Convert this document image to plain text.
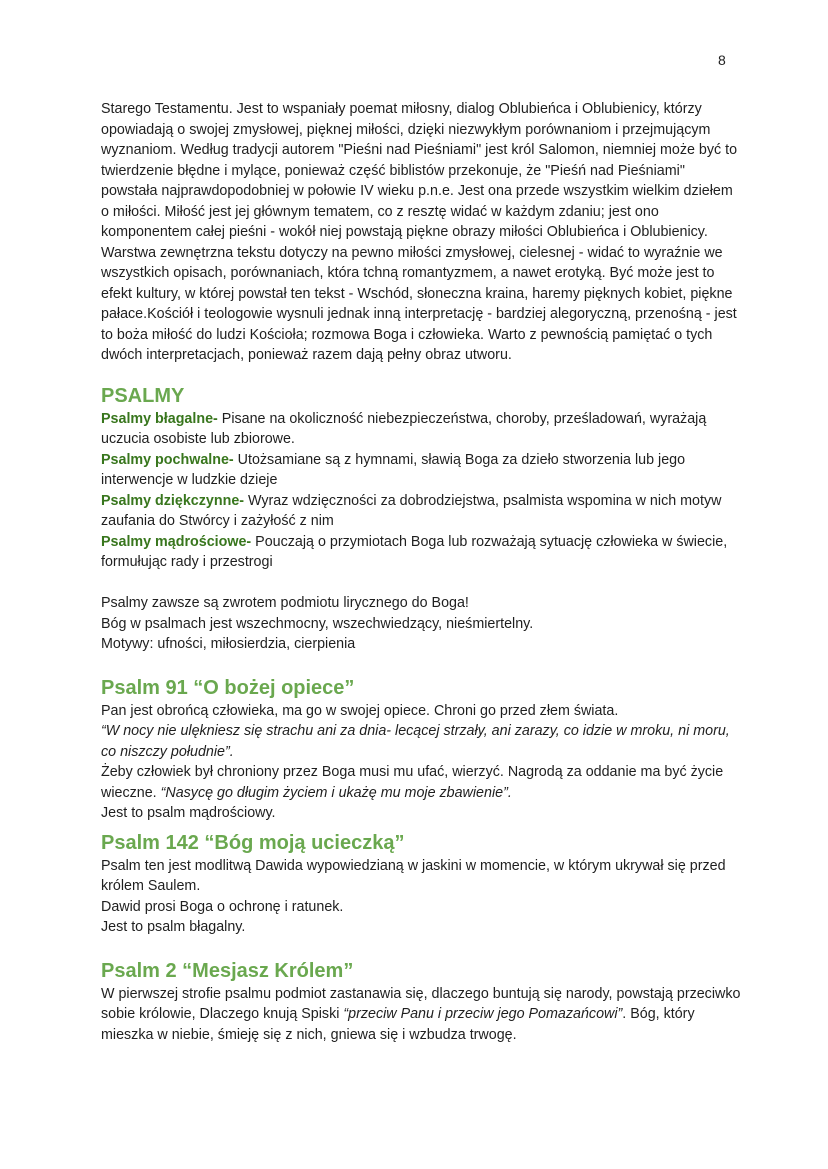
8

Starego Testamentu. Jest to wspaniały poemat miłosny, dialog Oblubieńca i Oblubienicy, którzy opowiadają o swojej zmysłowej, pięknej miłości, dzięki niezwykłym porównaniom i przejmującym wyznaniom. Według tradycji autorem "Pieśni nad Pieśniami" jest król Salomon, niemniej może być to twierdzenie błędne i mylące, ponieważ część biblistów przekonuje, że "Pieśń nad Pieśniami" powstała najprawdopodobniej w połowie IV wieku p.n.e. Jest ona przede wszystkim wielkim dziełem o miłości. Miłość jest jej głównym tematem, co z resztę widać w każdym zdaniu; jest ono komponentem całej pieśni - wokół niej powstają piękne obrazy miłości Oblubieńca i Oblubienicy. Warstwa zewnętrzna tekstu dotyczy na pewno miłości zmysłowej, cielesnej - widać to wyraźnie we wszystkich opisach, porównaniach, która tchną romantyzmem, a nawet erotyką. Być może jest to efekt kultury, w której powstał ten tekst - Wschód, słoneczna kraina, haremy pięknych kobiet, piękne pałace.Kościół i teologowie wysnuli jednak inną interpretację - bardziej alegoryczną, przenośną - jest to boża miłość do ludzi Kościoła; rozmowa Boga i człowieka. Warto z pewnością pamiętać o tych dwóch interpretacjach, ponieważ razem dają pełny obraz utworu.

PSALMY

Psalmy błagalne- Pisane na okoliczność niebezpieczeństwa, choroby, prześladowań, wyrażają uczucia osobiste lub zbiorowe.

Psalmy pochwalne- Utożsamiane są z hymnami, sławią Boga za dzieło stworzenia lub jego interwencje w ludzkie dzieje

Psalmy dziękczynne- Wyraz wdzięczności za dobrodziejstwa, psalmista wspomina w nich motyw zaufania do Stwórcy i zażyłość z nim

Psalmy mądrościowe- Pouczają o przymiotach Boga lub rozważają sytuację człowieka w świecie, formułując rady i przestrogi

Psalmy zawsze są zwrotem podmiotu lirycznego do Boga!

Bóg w psalmach jest wszechmocny, wszechwiedzący, nieśmiertelny.

Motywy: ufności, miłosierdzia, cierpienia

Psalm 91 “O bożej opiece”

Pan jest obrońcą człowieka, ma go w swojej opiece. Chroni go przed złem świata.

“W nocy nie ulękniesz się strachu ani za dnia- lecącej strzały, ani zarazy, co idzie w mroku, ni moru, co niszczy południe”.

Żeby człowiek był chroniony przez Boga musi mu ufać, wierzyć. Nagrodą za oddanie ma być życie wieczne. “Nasycę go długim życiem i ukażę mu moje zbawienie”.

Jest to psalm mądrościowy.

Psalm 142 “Bóg moją ucieczką”

Psalm ten jest modlitwą Dawida wypowiedzianą w jaskini w momencie, w którym ukrywał się przed królem Saulem.

Dawid prosi Boga o ochronę i ratunek.

Jest to psalm błagalny.

Psalm 2 “Mesjasz Królem”

W pierwszej strofie psalmu podmiot zastanawia się, dlaczego buntują się narody, powstają przeciwko sobie królowie, Dlaczego knują Spiski “przeciw Panu i przeciw jego Pomazańcowi”. Bóg, który mieszka w niebie, śmieję się z nich, gniewa się i wzbudza trwogę.
